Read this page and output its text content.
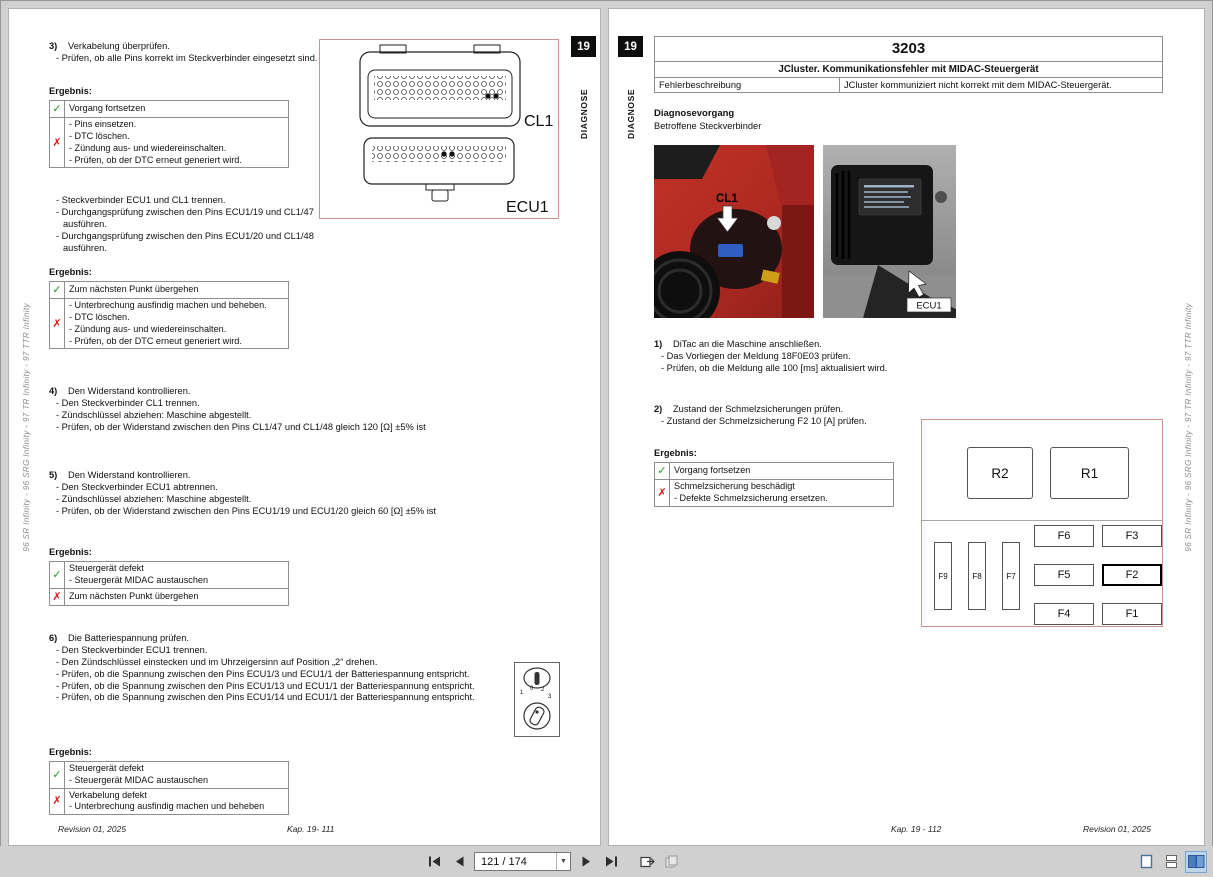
96 SR Infinity - 96 SRG Infinity - 97 TR Infinity - 97 TTR Infinity
19
DIAGNOSE
3) Verkabelung überprüfen.
- Prüfen, ob alle Pins korrekt im Steckverbinder eingesetzt sind.
Ergebnis:
✓	Vorgang fortsetzen

✗	- Pins einsetzen.
- DTC löschen.
- Zündung aus- und wiedereinschalten.
- Prüfen, ob der DTC erneut generiert wird.
- Steckverbinder ECU1 und CL1 trennen.
- Durchgangsprüfung zwischen den Pins ECU1/19 und CL1/47 ausführen.
- Durchgangsprüfung zwischen den Pins ECU1/20 und CL1/48 ausführen.
Ergebnis:
✓	Zum nächsten Punkt übergehen

✗	- Unterbrechung ausfindig machen und beheben.
- DTC löschen.
- Zündung aus- und wiedereinschalten.
- Prüfen, ob der DTC erneut generiert wird.
4) Den Widerstand kontrollieren.
- Den Steckverbinder CL1 trennen.
- Zündschlüssel abziehen: Maschine abgestellt.
- Prüfen, ob der Widerstand zwischen den Pins CL1/47 und CL1/48 gleich 120 [Ω] ±5% ist
5) Den Widerstand kontrollieren.
- Den Steckverbinder ECU1 abtrennen.
- Zündschlüssel abziehen: Maschine abgestellt.
- Prüfen, ob der Widerstand zwischen den Pins ECU1/19 und ECU1/20 gleich 60 [Ω] ±5% ist
Ergebnis:
✓	Steuergerät defekt
- Steuergerät MIDAC austauschen

✗	Zum nächsten Punkt übergehen
6) Die Batteriespannung prüfen.
- Den Steckverbinder ECU1 trennen.
- Den Zündschlüssel einstecken und im Uhrzeigersinn auf Position „2“ drehen.
- Prüfen, ob die Spannung zwischen den Pins ECU1/3 und ECU1/1 der Batteriespannung entspricht.
- Prüfen, ob die Spannung zwischen den Pins ECU1/13 und ECU1/1 der Batteriespannung entspricht.
- Prüfen, ob die Spannung zwischen den Pins ECU1/14 und ECU1/1 der Batteriespannung entspricht.
Ergebnis:
✓	Steuergerät defekt
- Steuergerät MIDAC austauschen

✗	Verkabelung defekt
- Unterbrechung ausfindig machen und beheben
CL1
ECU1
1
0 2
3
Revision 01, 2025	Kap. 19- 111
96 SR Infinity - 96 SRG Infinity - 97 TR Infinity - 97 TTR Infinity
19
DIAGNOSE
3203
JCluster. Kommunikationsfehler mit MIDAC-Steuergerät
Fehlerbeschreibung	JCluster kommuniziert nicht korrekt mit dem MIDAC-Steuergerät.
Diagnosevorgang
Betroffene Steckverbinder
CL1
ECU1
1) DiTac an die Maschine anschließen.
- Das Vorliegen der Meldung 18F0E03 prüfen.
- Prüfen, ob die Meldung alle 100 [ms] aktualisiert wird.
2) Zustand der Schmelzsicherungen prüfen.
- Zustand der Schmelzsicherung F2 10 [A] prüfen.
Ergebnis:
✓	Vorgang fortsetzen

✗	Schmelzsicherung beschädigt
- Defekte Schmelzsicherung ersetzen.
R2	R1
F9	F8	F7
F6	F3
F5	F2
F4	F1
Kap. 19 - 112	Revision 01, 2025
121 / 174	▼
